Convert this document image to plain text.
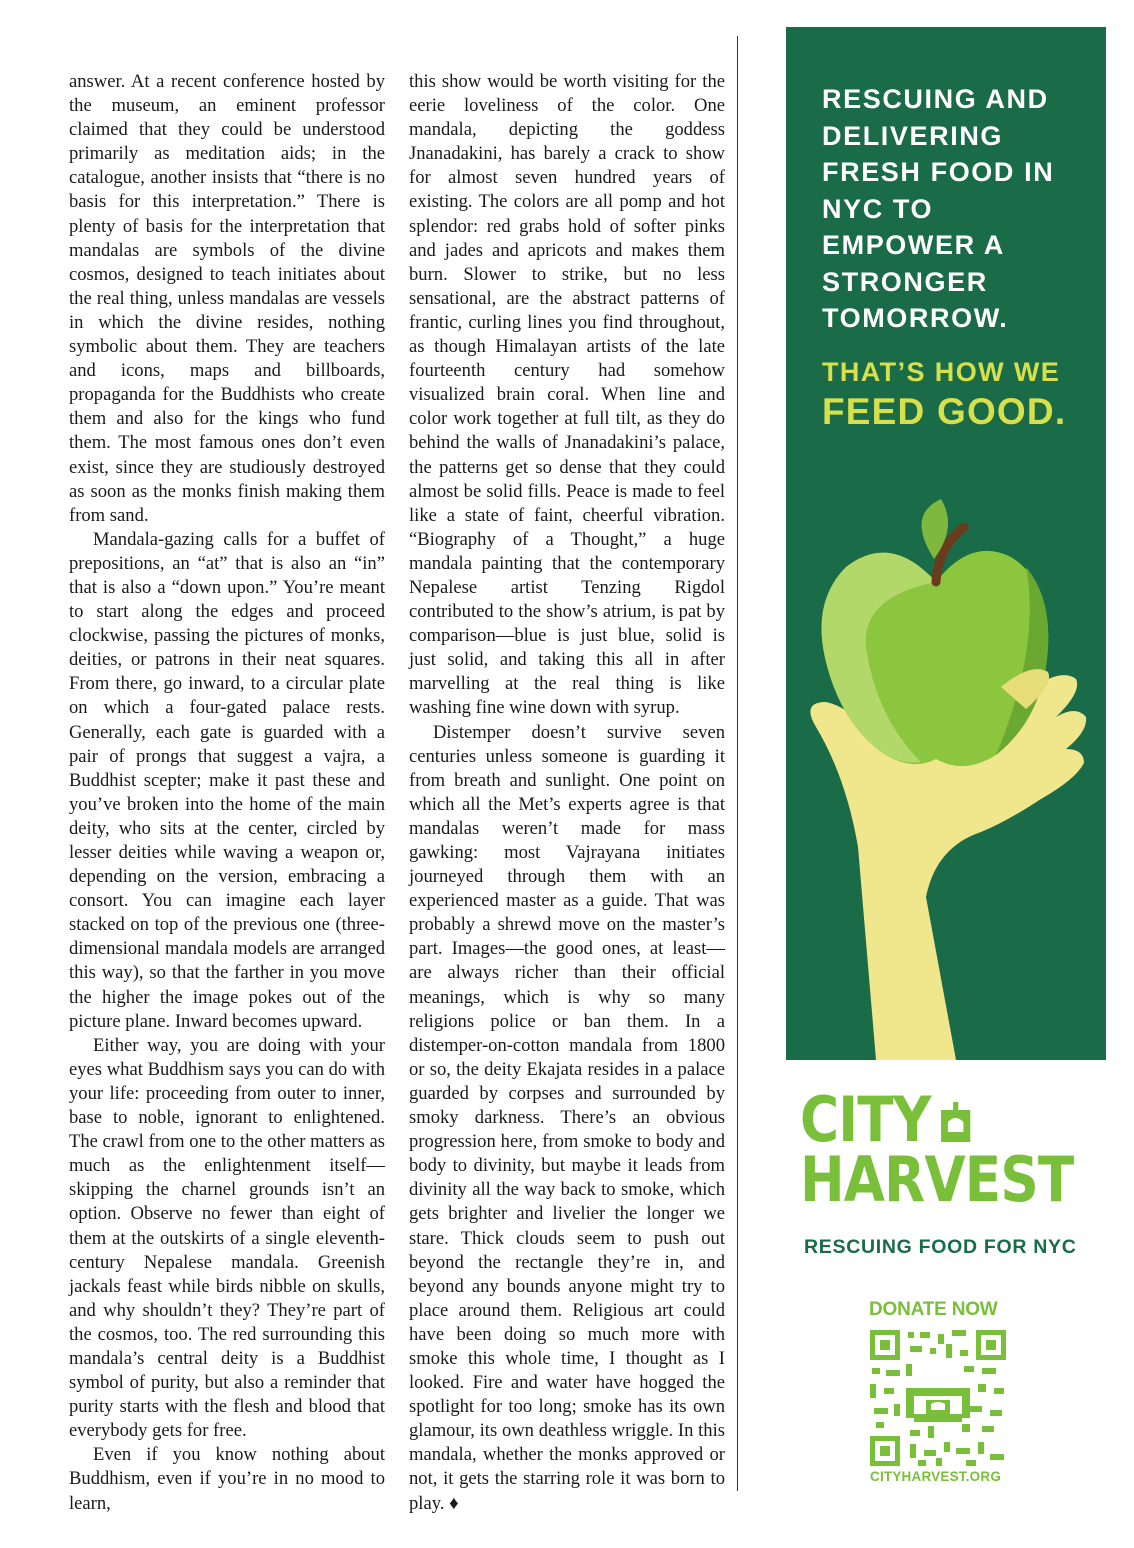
answer. At a recent conference hosted by the museum, an eminent professor claimed that they could be understood primarily as meditation aids; in the catalogue, another insists that “there is no basis for this interpretation.” There is plenty of basis for the interpretation that mandalas are symbols of the divine cosmos, designed to teach initiates about the real thing, unless mandalas are vessels in which the divine resides, nothing symbolic about them. They are teachers and icons, maps and billboards, propaganda for the Buddhists who create them and also for the kings who fund them. The most famous ones don’t even exist, since they are studiously destroyed as soon as the monks finish making them from sand.

Mandala-gazing calls for a buffet of prepositions, an “at” that is also an “in” that is also a “down upon.” You’re meant to start along the edges and proceed clockwise, passing the pictures of monks, deities, or patrons in their neat squares. From there, go inward, to a circular plate on which a four-gated palace rests. Generally, each gate is guarded with a pair of prongs that suggest a vajra, a Buddhist scepter; make it past these and you’ve broken into the home of the main deity, who sits at the center, circled by lesser deities while waving a weapon or, depending on the version, embracing a consort. You can imagine each layer stacked on top of the previous one (three-dimensional mandala models are arranged this way), so that the farther in you move the higher the image pokes out of the picture plane. Inward becomes upward.

Either way, you are doing with your eyes what Buddhism says you can do with your life: proceeding from outer to inner, base to noble, ignorant to enlightened. The crawl from one to the other matters as much as the enlightenment itself—skipping the charnel grounds isn’t an option. Observe no fewer than eight of them at the outskirts of a single eleventh-century Nepalese mandala. Greenish jackals feast while birds nibble on skulls, and why shouldn’t they? They’re part of the cosmos, too. The red surrounding this mandala’s central deity is a Buddhist symbol of purity, but also a reminder that purity starts with the flesh and blood that everybody gets for free.

Even if you know nothing about Buddhism, even if you’re in no mood to learn,

this show would be worth visiting for the eerie loveliness of the color. One mandala, depicting the goddess Jnanadakini, has barely a crack to show for almost seven hundred years of existing. The colors are all pomp and hot splendor: red grabs hold of softer pinks and jades and apricots and makes them burn. Slower to strike, but no less sensational, are the abstract patterns of frantic, curling lines you find throughout, as though Himalayan artists of the late fourteenth century had somehow visualized brain coral. When line and color work together at full tilt, as they do behind the walls of Jnanadakini’s palace, the patterns get so dense that they could almost be solid fills. Peace is made to feel like a state of faint, cheerful vibration. “Biography of a Thought,” a huge mandala painting that the contemporary Nepalese artist Tenzing Rigdol contributed to the show’s atrium, is pat by comparison—blue is just blue, solid is just solid, and taking this all in after marvelling at the real thing is like washing fine wine down with syrup.

Distemper doesn’t survive seven centuries unless someone is guarding it from breath and sunlight. One point on which all the Met’s experts agree is that mandalas weren’t made for mass gawking: most Vajrayana initiates journeyed through them with an experienced master as a guide. That was probably a shrewd move on the master’s part. Images—the good ones, at least—are always richer than their official meanings, which is why so many religions police or ban them. In a distemper-on-cotton mandala from 1800 or so, the deity Ekajata resides in a palace guarded by corpses and surrounded by smoky darkness. There’s an obvious progression here, from smoke to body and body to divinity, but maybe it leads from divinity all the way back to smoke, which gets brighter and livelier the longer we stare. Thick clouds seem to push out beyond the rectangle they’re in, and beyond any bounds anyone might try to place around them. Religious art could have been doing so much more with smoke this whole time, I thought as I looked. Fire and water have hogged the spotlight for too long; smoke has its own glamour, its own deathless wriggle. In this mandala, whether the monks approved or not, it gets the starring role it was born to play. ♦

RESCUING AND DELIVERING FRESH FOOD IN NYC TO EMPOWER A STRONGER TOMORROW.

THAT’S HOW WE

FEED GOOD.

CITY
HARVEST
RESCUING FOOD FOR NYC
DONATE NOW
CITYHARVEST.ORG
